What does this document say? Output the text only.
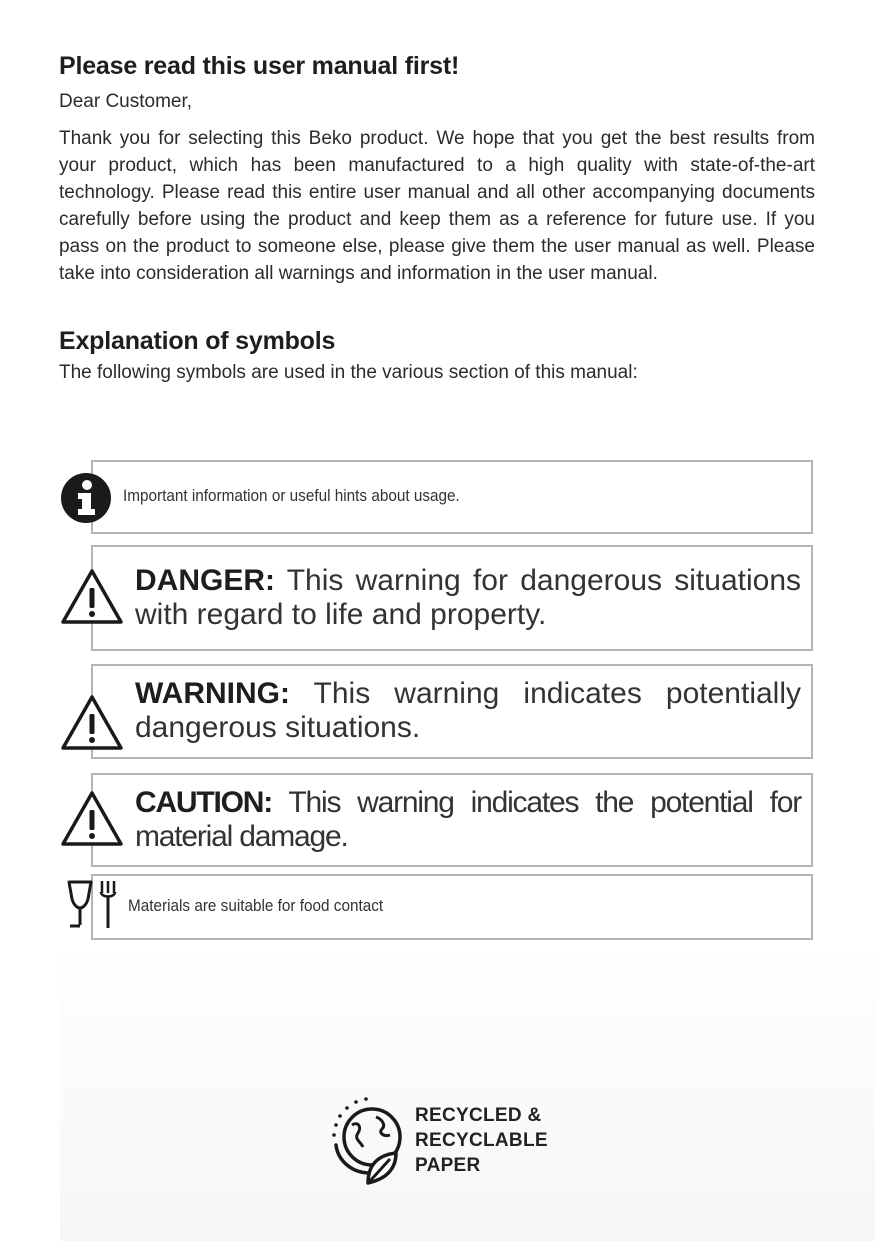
Please read this user manual first!

Dear Customer,

Thank you for selecting this Beko product. We hope that you get the best results from your product, which has been manufactured to a high quality with state-of-the-art technology. Please read this entire user manual and all other accompanying documents carefully before using the product and keep them as a reference for future use. If you pass on the product to someone else, please give them the user manual as well. Please take into consideration all warnings and information in the user manual.

Explanation of symbols

The following symbols are used in the various section of this manual:

Important information or useful hints about usage.
DANGER: This warning for dangerous situations with regard to life and property.
WARNING: This warning indicates potentially dangerous situations.
CAUTION: This warning indicates the potential for material damage.
Materials are suitable for food contact
RECYCLED &
RECYCLABLE
PAPER
